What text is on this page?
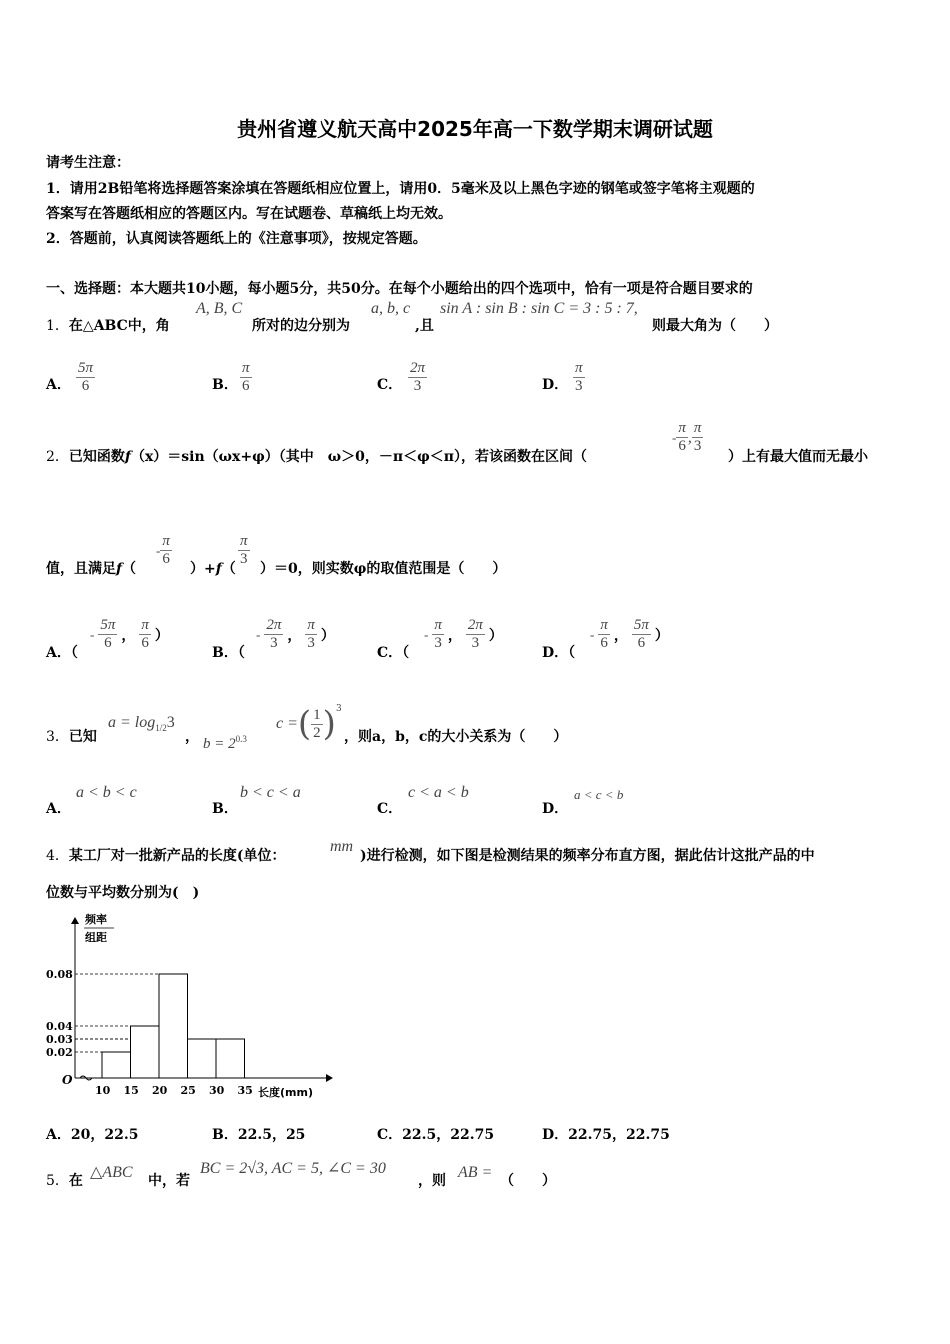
贵州省遵义航天高中2025年高一下数学期末调研试题
请考生注意：
1．请用2B铅笔将选择题答案涂填在答题纸相应位置上，请用0．5毫米及以上黑色字迹的钢笔或签字笔将主观题的
答案写在答题纸相应的答题区内。写在试题卷、草稿纸上均无效。
2．答题前，认真阅读答题纸上的《注意事项》，按规定答题。
一、选择题：本大题共10小题，每小题5分，共50分。在每个小题给出的四个选项中，恰有一项是符合题目要求的
1．在△ABC中，角
A, B, C
所对的边分别为
a, b, c
,且
sin A : sin B : sin C = 3 : 5 : 7,
则最大角为（　　）
A． $\frac{5\pi}{6}$	B． $\frac{\pi}{6}$	C． $\frac{2\pi}{3}$	D． $\frac{\pi}{3}$
2．已知函数f（x）＝sin（ωx+φ）（其中　ω＞0，－π＜φ＜π），若该函数在区间（
- $\frac{\pi}{6}$ , $\frac{\pi}{3}$
）上有最大值而无最小
值，且满足f（
- $\frac{\pi}{6}$
）+f（
$\frac{\pi}{3}$
）＝0，则实数φ的取值范围是（　　）
A．（
- $\frac{5\pi}{6}$ ， $\frac{\pi}{6}$ ）
B．（
- $\frac{2\pi}{3}$ ， $\frac{\pi}{3}$ ）
C．（
- $\frac{\pi}{3}$ ， $\frac{2\pi}{3}$ ）
D．（
- $\frac{\pi}{6}$ ， $\frac{5\pi}{6}$ ）
3．已知
$a = \log_{1/2}3$
， $b = 2^{0.3}$
c = ( $\frac{1}{2} )^3$
，则a，b，c的大小关系为（　　）
A．
a < b < c
B．
b < c < a
C．
c < a < b
D．
a < c < b
4．某工厂对一批新产品的长度(单位：
mm
)进行检测，如下图是检测结果的频率分布直方图，据此估计这批产品的中
位数与平均数分别为(　)
频率
组距
O
长度(mm)
0.02
0.03
0.04
0.08
10 15 20 25 30 35
A．20，22.5	B．22.5，25	C．22.5，22.75	D．22.75，22.75
5．在 △ABC 中，若
BC = 2√3, AC = 5, ∠C = 30
，则 AB = （　　）
